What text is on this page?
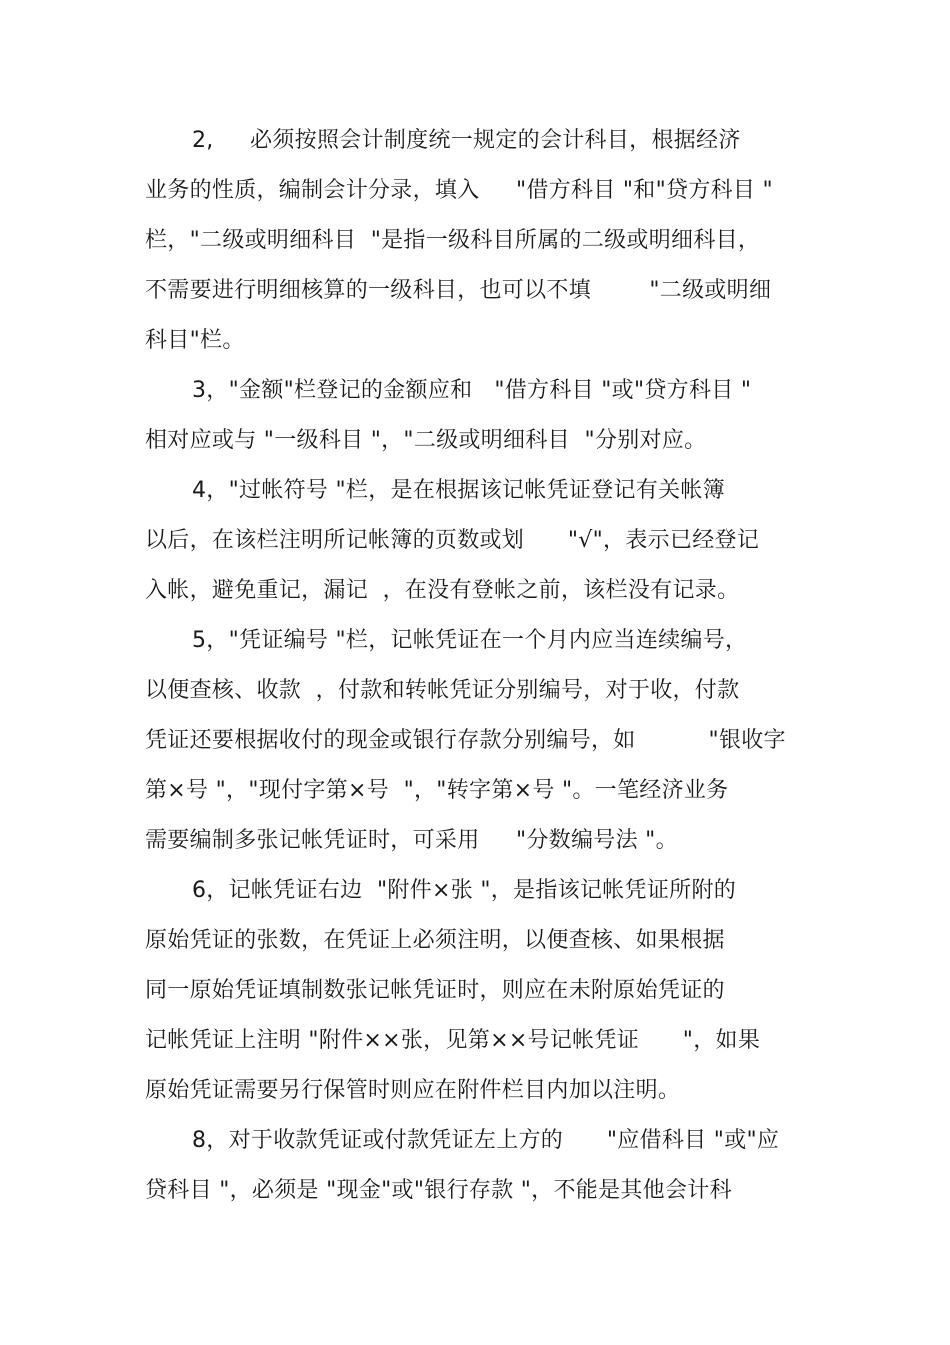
2,     必须按照会计制度统一规定的会计科目，根据经济
业务的性质，编制会计分录，填入     "借方科目 "和"贷方科目 "
栏，"二级或明细科目  "是指一级科目所属的二级或明细科目，
不需要进行明细核算的一级科目，也可以不填        "二级或明细
科目"栏。
3，"金额"栏登记的金额应和   "借方科目 "或"贷方科目 "
相对应或与 "一级科目 "，"二级或明细科目  "分别对应。
4，"过帐符号 "栏，是在根据该记帐凭证登记有关帐簿
以后，在该栏注明所记帐簿的页数或划      "√"，表示已经登记
入帐，避免重记，漏记  ，在没有登帐之前，该栏没有记录。
5，"凭证编号 "栏，记帐凭证在一个月内应当连续编号，
以便查核、收款  ，付款和转帐凭证分别编号，对于收，付款
凭证还要根据收付的现金或银行存款分别编号，如          "银收字
第×号 "，"现付字第×号  "，"转字第×号 "。一笔经济业务
需要编制多张记帐凭证时，可采用     "分数编号法 "。
6，记帐凭证右边  "附件×张 "，是指该记帐凭证所附的
原始凭证的张数，在凭证上必须注明，以便查核、如果根据
同一原始凭证填制数张记帐凭证时，则应在未附原始凭证的
记帐凭证上注明 "附件××张，见第××号记帐凭证      "，如果
原始凭证需要另行保管时则应在附件栏目内加以注明。
8，对于收款凭证或付款凭证左上方的      "应借科目 "或"应
贷科目 "，必须是 "现金"或"银行存款 "，不能是其他会计科
